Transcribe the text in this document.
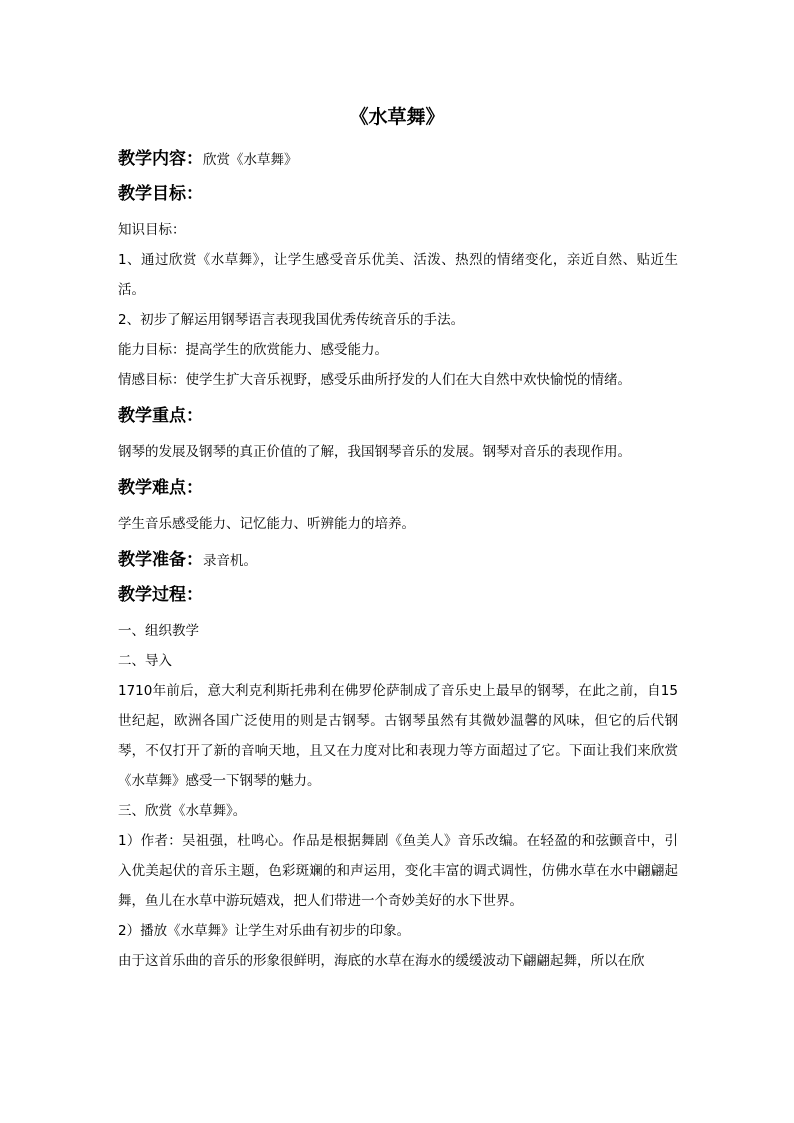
《水草舞》
教学内容：欣赏《水草舞》
教学目标：

知识目标：

1、通过欣赏《水草舞》，让学生感受音乐优美、活泼、热烈的情绪变化，亲近自然、贴近生活。

2、初步了解运用钢琴语言表现我国优秀传统音乐的手法。

能力目标：提高学生的欣赏能力、感受能力。

情感目标：使学生扩大音乐视野，感受乐曲所抒发的人们在大自然中欢快愉悦的情绪。

教学重点：

钢琴的发展及钢琴的真正价值的了解，我国钢琴音乐的发展。钢琴对音乐的表现作用。

教学难点：

学生音乐感受能力、记忆能力、听辨能力的培养。

教学准备：录音机。
教学过程：

一、组织教学

二、导入

1710年前后，意大利克利斯托弗利在佛罗伦萨制成了音乐史上最早的钢琴，在此之前，自15世纪起，欧洲各国广泛使用的则是古钢琴。古钢琴虽然有其微妙温馨的风味，但它的后代钢琴，不仅打开了新的音响天地，且又在力度对比和表现力等方面超过了它。下面让我们来欣赏《水草舞》感受一下钢琴的魅力。

三、欣赏《水草舞》。

1）作者：吴祖强，杜鸣心。作品是根据舞剧《鱼美人》音乐改编。在轻盈的和弦颤音中，引入优美起伏的音乐主题，色彩斑斓的和声运用，变化丰富的调式调性，仿佛水草在水中翩翩起舞，鱼儿在水草中游玩嬉戏，把人们带进一个奇妙美好的水下世界。

2）播放《水草舞》让学生对乐曲有初步的印象。

由于这首乐曲的音乐的形象很鲜明，海底的水草在海水的缓缓波动下翩翩起舞，所以在欣
